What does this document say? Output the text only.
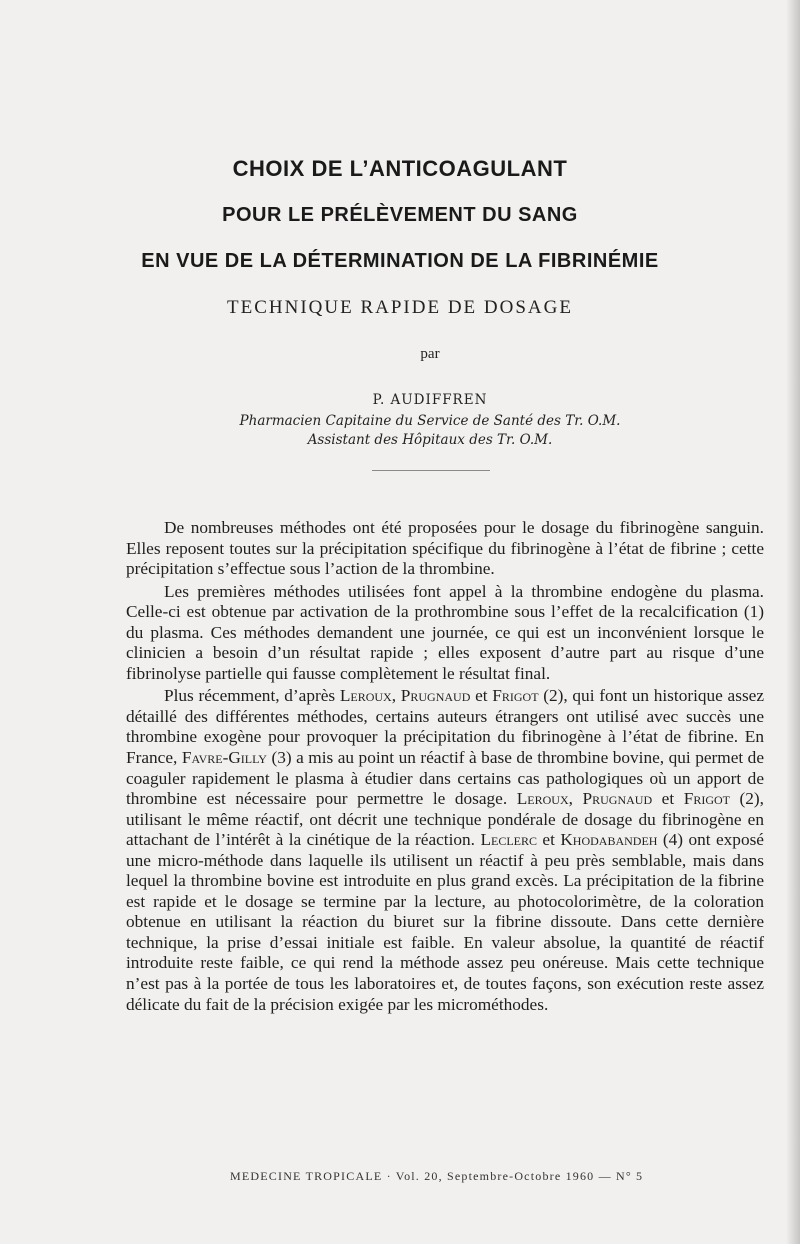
CHOIX DE L’ANTICOAGULANT
POUR LE PRÉLÈVEMENT DU SANG
EN VUE DE LA DÉTERMINATION DE LA FIBRINÉMIE
TECHNIQUE RAPIDE DE DOSAGE
par
P. AUDIFFREN
Pharmacien Capitaine du Service de Santé des Tr. O.M.
Assistant des Hôpitaux des Tr. O.M.

De nombreuses méthodes ont été proposées pour le dosage du fibrinogène sanguin. Elles reposent toutes sur la précipitation spécifique du fibrinogène à l’état de fibrine ; cette précipitation s’effectue sous l’action de la thrombine.

Les premières méthodes utilisées font appel à la thrombine endogène du plasma. Celle-ci est obtenue par activation de la prothrombine sous l’effet de la recalcification (1) du plasma. Ces méthodes demandent une journée, ce qui est un inconvénient lorsque le clinicien a besoin d’un résultat rapide ; elles exposent d’autre part au risque d’une fibrinolyse partielle qui fausse complètement le résultat final.

Plus récemment, d’après Leroux, Prugnaud et Frigot (2), qui font un historique assez détaillé des différentes méthodes, certains auteurs étrangers ont utilisé avec succès une thrombine exogène pour provoquer la précipitation du fibrinogène à l’état de fibrine. En France, Favre-Gilly (3) a mis au point un réactif à base de thrombine bovine, qui permet de coaguler rapidement le plasma à étudier dans certains cas pathologiques où un apport de thrombine est nécessaire pour permettre le dosage. Leroux, Prugnaud et Frigot (2), utilisant le même réactif, ont décrit une technique pondérale de dosage du fibrinogène en attachant de l’intérêt à la cinétique de la réaction. Leclerc et Khodabandeh (4) ont exposé une micro-méthode dans laquelle ils utilisent un réactif à peu près semblable, mais dans lequel la thrombine bovine est introduite en plus grand excès. La précipitation de la fibrine est rapide et le dosage se termine par la lecture, au photocolorimètre, de la coloration obtenue en utilisant la réaction du biuret sur la fibrine dissoute. Dans cette dernière technique, la prise d’essai initiale est faible. En valeur absolue, la quantité de réactif introduite reste faible, ce qui rend la méthode assez peu onéreuse. Mais cette technique n’est pas à la portée de tous les laboratoires et, de toutes façons, son exécution reste assez délicate du fait de la précision exigée par les microméthodes.

MEDECINE TROPICALE · Vol. 20, Septembre-Octobre 1960 — N° 5
